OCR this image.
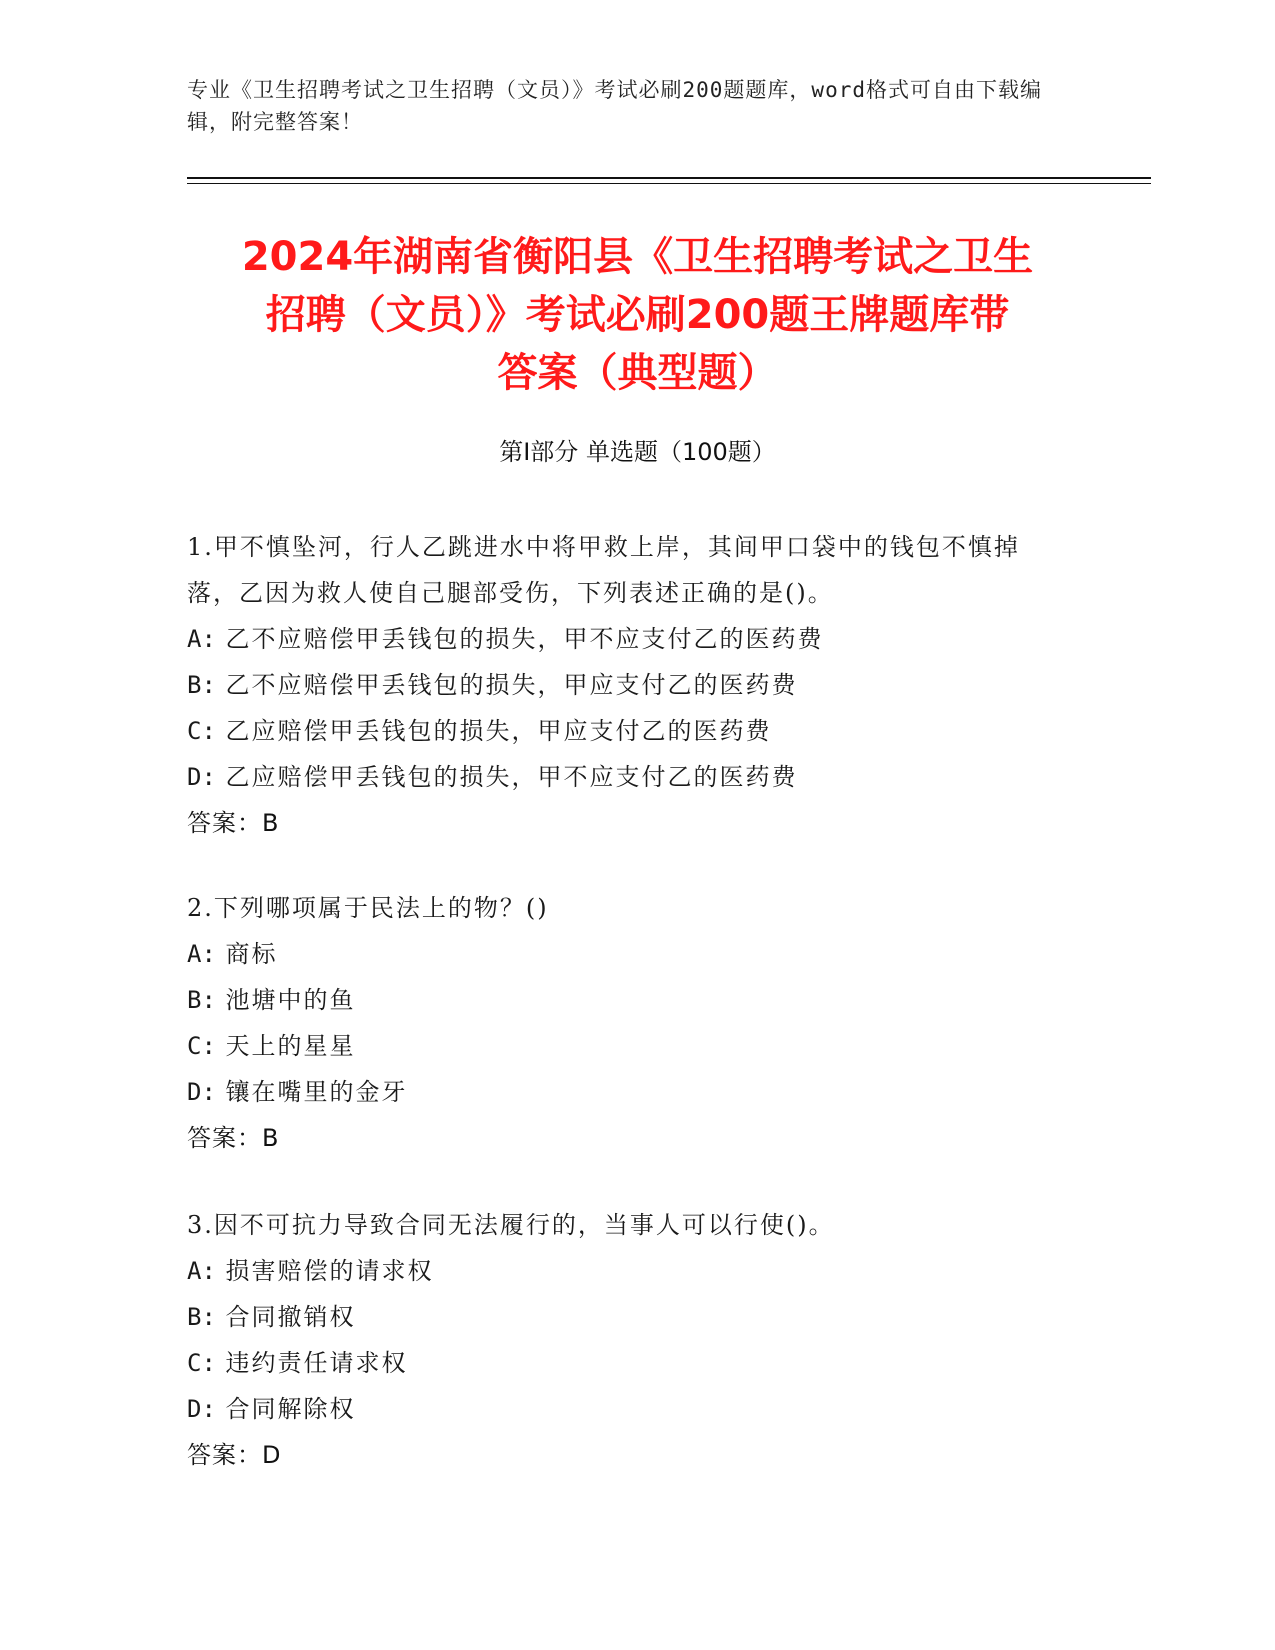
专业《卫生招聘考试之卫生招聘（文员）》考试必刷200题题库，word格式可自由下载编辑，附完整答案！
2024年湖南省衡阳县《卫生招聘考试之卫生
招聘（文员）》考试必刷200题王牌题库带
答案（典型题）
第Ⅰ部分 单选题（100题）

1.甲不慎坠河，行人乙跳进水中将甲救上岸，其间甲口袋中的钱包不慎掉落，乙因为救人使自己腿部受伤，下列表述正确的是()。

A: 乙不应赔偿甲丢钱包的损失，甲不应支付乙的医药费

B: 乙不应赔偿甲丢钱包的损失，甲应支付乙的医药费

C: 乙应赔偿甲丢钱包的损失，甲应支付乙的医药费

D: 乙应赔偿甲丢钱包的损失，甲不应支付乙的医药费

答案：B

2.下列哪项属于民法上的物？()

A: 商标

B: 池塘中的鱼

C: 天上的星星

D: 镶在嘴里的金牙

答案：B

3.因不可抗力导致合同无法履行的，当事人可以行使()。

A: 损害赔偿的请求权

B: 合同撤销权

C: 违约责任请求权

D: 合同解除权

答案：D
